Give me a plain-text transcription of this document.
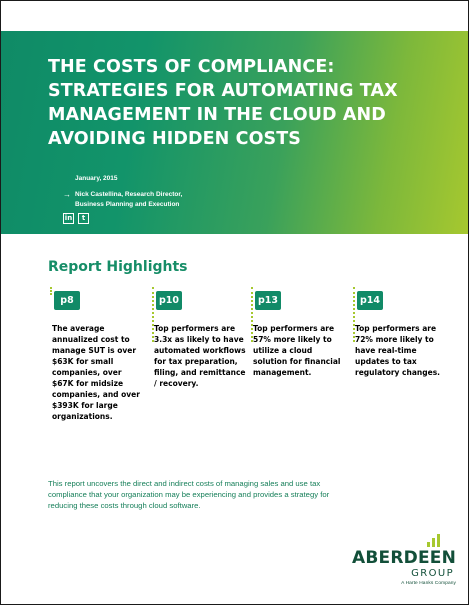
THE COSTS OF COMPLIANCE: STRATEGIES FOR AUTOMATING TAX MANAGEMENT IN THE CLOUD AND AVOIDING HIDDEN COSTS
January, 2015
→ Nick Castellina, Research Director,
Business Planning and Execution
in	t
Report Highlights
p8

The average annualized cost to manage SUT is over $63K for small companies, over $67K for midsize companies, and over $393K for large organizations.

p10

Top performers are 3.3x as likely to have automated workflows for tax preparation, filing, and remittance / recovery.

p13

Top performers are 57% more likely to utilize a cloud solution for financial management.

p14

Top performers are 72% more likely to have real-time updates to tax regulatory changes.

This report uncovers the direct and indirect costs of managing sales and use tax compliance that your organization may be experiencing and provides a strategy for reducing these costs through cloud software.

ABERDEEN
GROUP
A Harte Hanks Company
